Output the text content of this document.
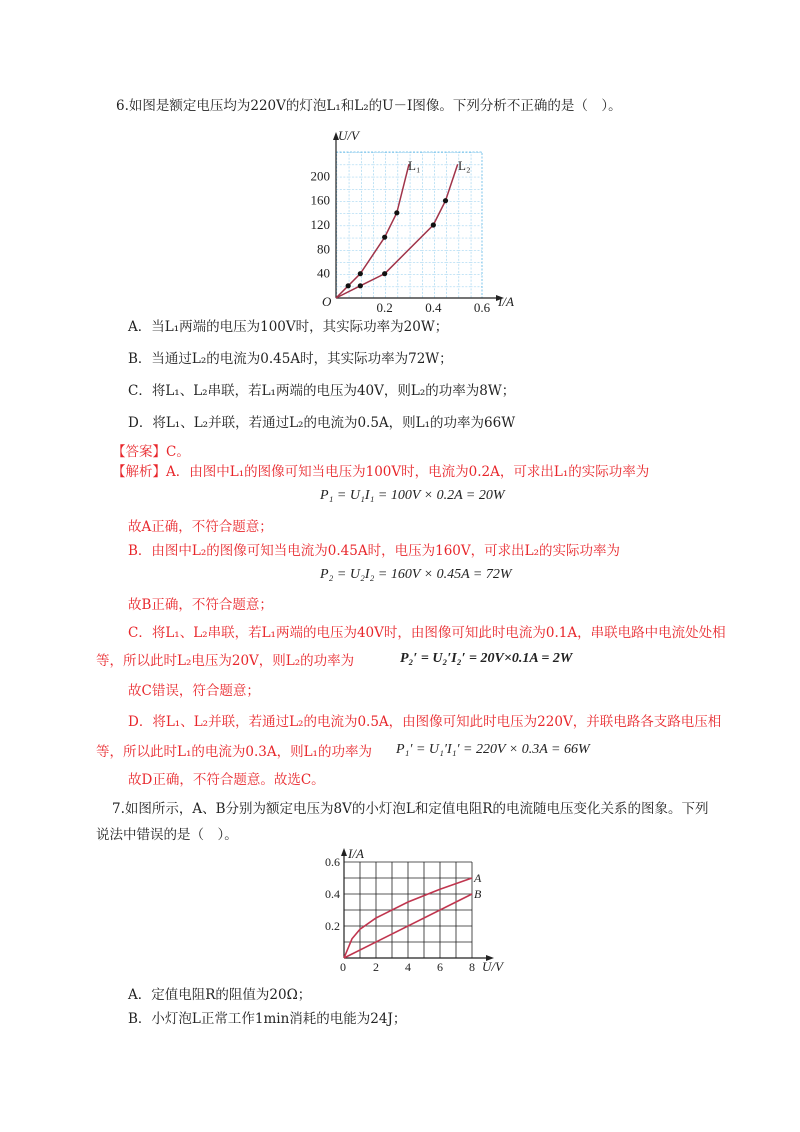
6.如图是额定电压均为220V的灯泡L₁和L₂的U－I图像。下列分析不正确的是（　）。
40
80
120
160
200
0.2 0.4 0.6
U/V
I/A
O
L₁	L₂
A．当L₁两端的电压为100V时，其实际功率为20W；
B．当通过L₂的电流为0.45A时，其实际功率为72W；
C．将L₁、L₂串联，若L₁两端的电压为40V，则L₂的功率为8W；
D．将L₁、L₂并联，若通过L₂的电流为0.5A，则L₁的功率为66W
【答案】C。
【解析】A．由图中L₁的图像可知当电压为100V时，电流为0.2A，可求出L₁的实际功率为
P₁ = U₁I₁ = 100V × 0.2A = 20W
故A正确，不符合题意；
B．由图中L₂的图像可知当电流为0.45A时，电压为160V，可求出L₂的实际功率为
P₂ = U₂I₂ = 160V × 0.45A = 72W
故B正确，不符合题意；
C．将L₁、L₂串联，若L₁两端的电压为40V时，由图像可知此时电流为0.1A，串联电路中电流处处相
等，所以此时L₂电压为20V，则L₂的功率为	P₂′ = U₂′I₂′ = 20V×0.1A = 2W
故C错误，符合题意；
D．将L₁、L₂并联，若通过L₂的电流为0.5A，由图像可知此时电压为220V，并联电路各支路电压相
等，所以此时L₁的电流为0.3A，则L₁的功率为 P₁′ = U₁′I₁′ = 220V × 0.3A = 66W
故D正确，不符合题意。故选C。
7.如图所示，A、B分别为额定电压为8V的小灯泡L和定值电阻R的电流随电压变化关系的图象。下列
说法中错误的是（　）。
0.2
0.4
0.6
2 4 6 8
I/A
U/V
0
A
B
A．定值电阻R的阻值为20Ω；
B．小灯泡L正常工作1min消耗的电能为24J；
